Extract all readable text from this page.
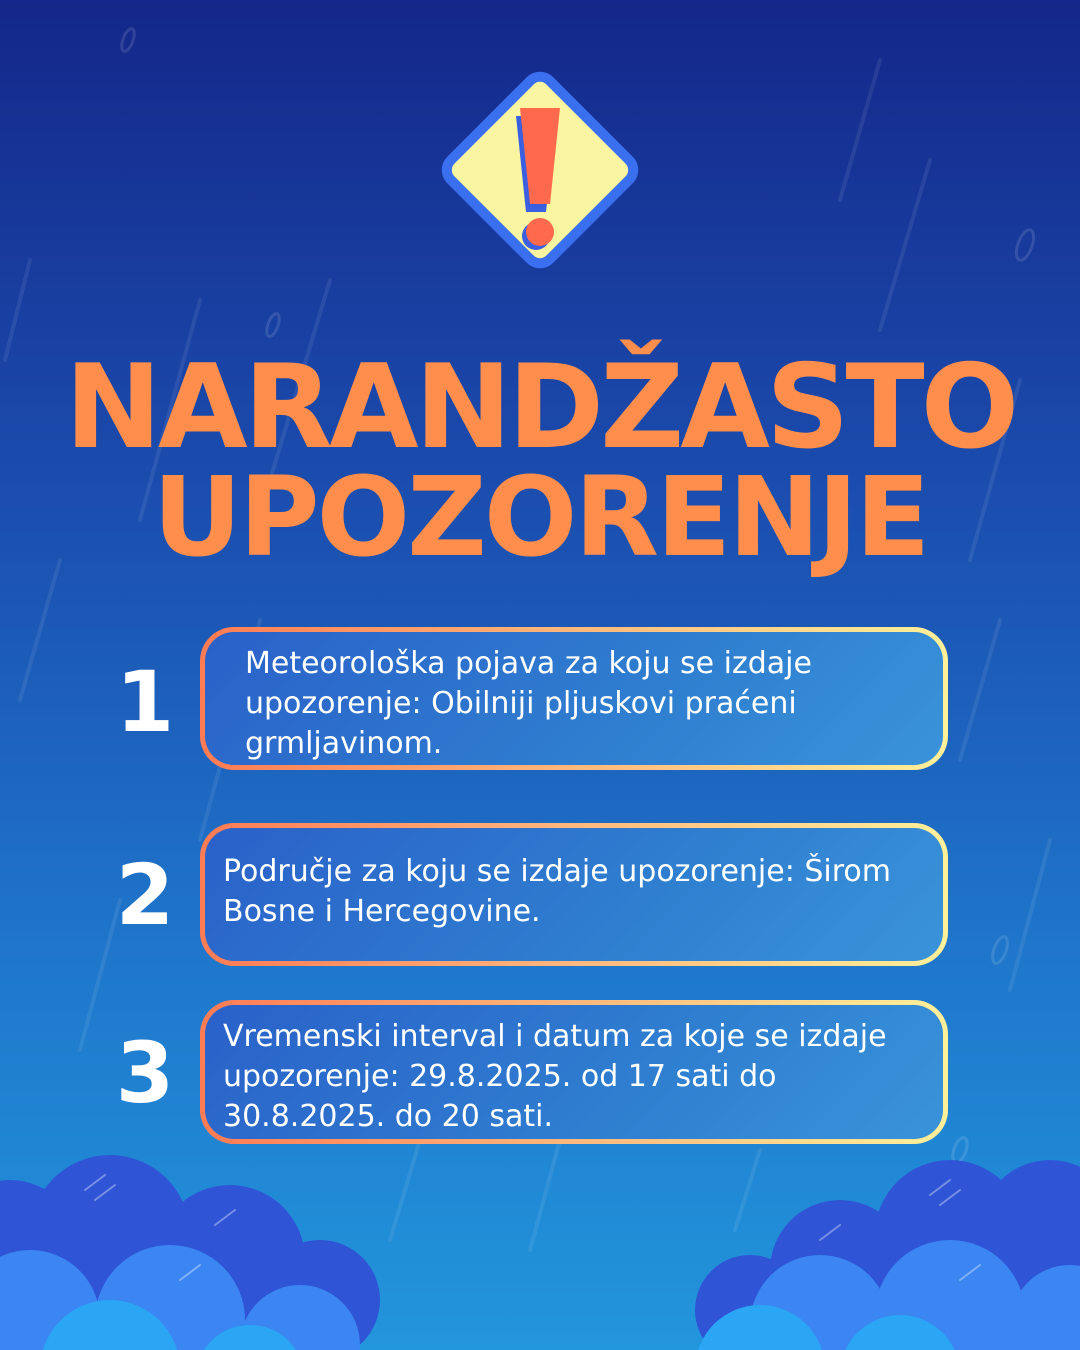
NARANDŽASTO
UPOZORENJE
1	Meteorološka pojava za koju se izdaje upozorenje: Obilniji pljuskovi praćeni grmljavinom.
2	Područje za koju se izdaje upozorenje: Širom Bosne i Hercegovine.
3	Vremenski interval i datum za koje se izdaje upozorenje: 29.8.2025. od 17 sati do 30.8.2025. do 20 sati.
